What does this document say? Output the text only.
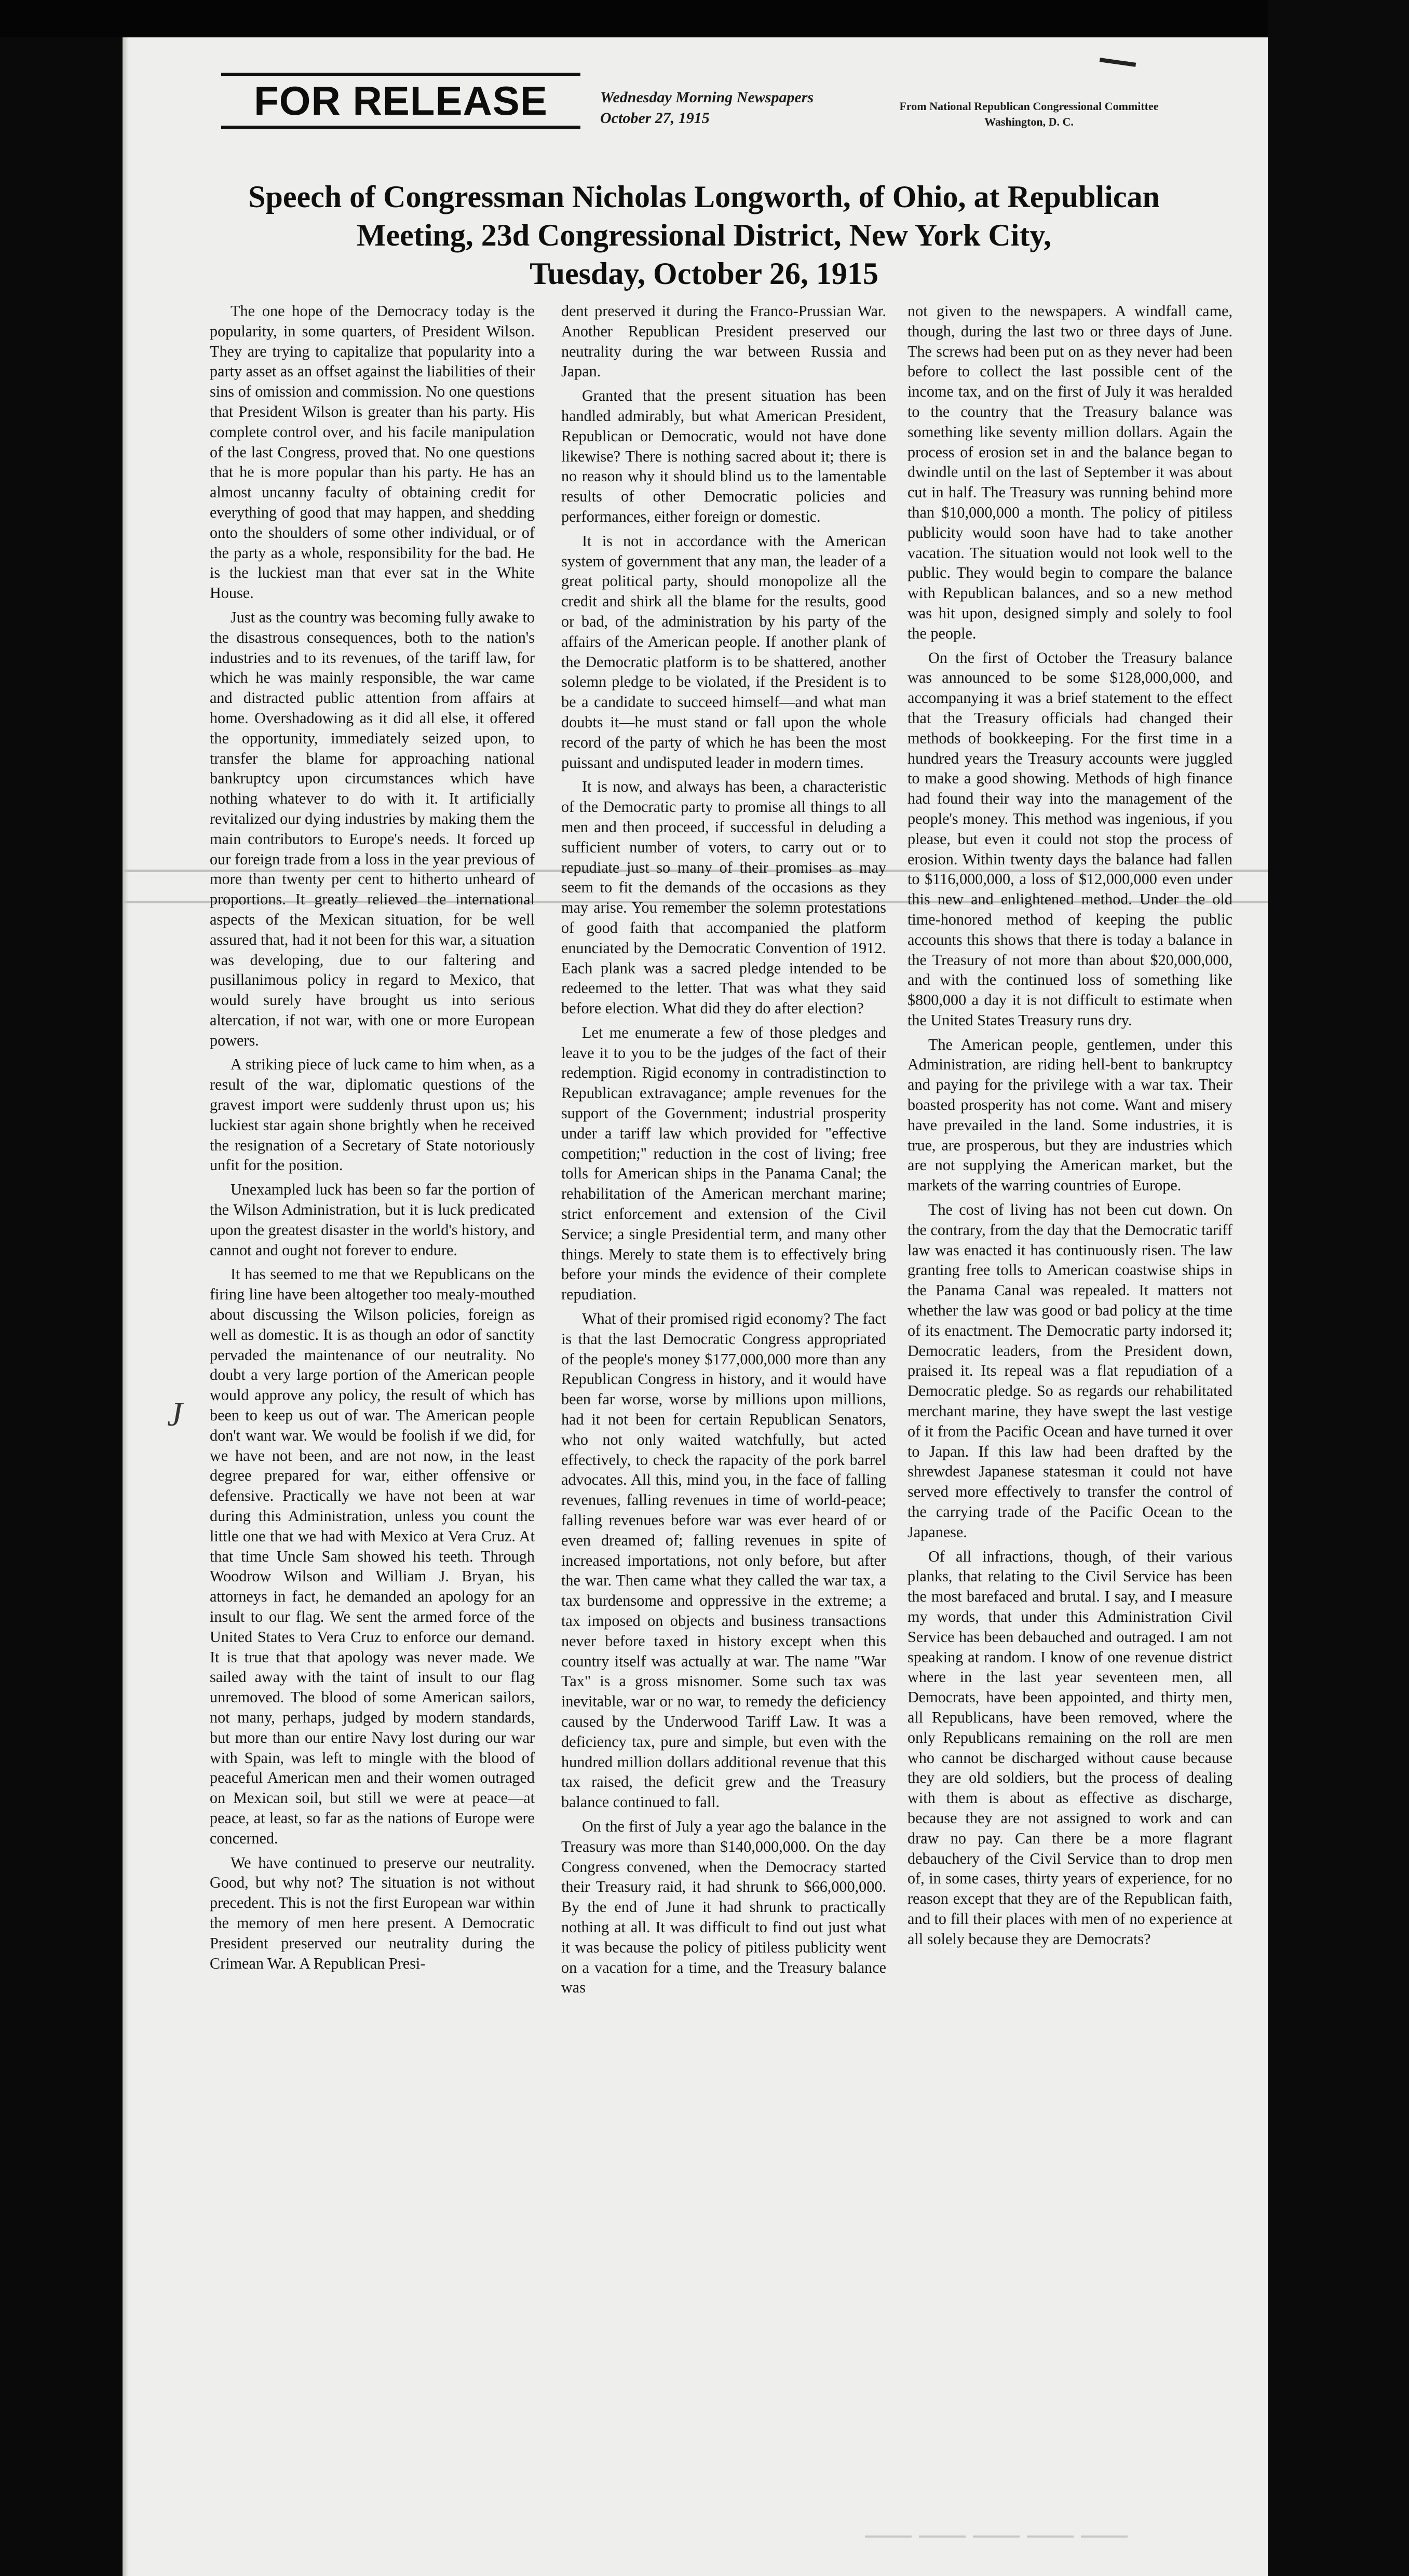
FOR RELEASE	Wednesday Morning Newspapers
October 27, 1915
From National Republican Congressional Committee
Washington, D. C.
Speech of Congressman Nicholas Longworth, of Ohio, at Republican
Meeting, 23d Congressional District, New York City,
Tuesday, October 26, 1915
J

The one hope of the Democracy today is the popularity, in some quarters, of President Wilson. They are trying to capitalize that popularity into a party asset as an offset against the liabilities of their sins of omission and commission. No one questions that President Wilson is greater than his party. His complete control over, and his facile manipulation of the last Congress, proved that. No one questions that he is more popular than his party. He has an almost uncanny faculty of obtaining credit for everything of good that may happen, and shedding onto the shoulders of some other individual, or of the party as a whole, responsibility for the bad. He is the luckiest man that ever sat in the White House.

Just as the country was becoming fully awake to the disastrous consequences, both to the nation's industries and to its revenues, of the tariff law, for which he was mainly responsible, the war came and distracted public attention from affairs at home. Overshadowing as it did all else, it offered the opportunity, immediately seized upon, to transfer the blame for approaching national bankruptcy upon circumstances which have nothing whatever to do with it. It artificially revitalized our dying industries by making them the main contributors to Europe's needs. It forced up our foreign trade from a loss in the year previous of more than twenty per cent to hitherto unheard of proportions. It greatly relieved the international aspects of the Mexican situation, for be well assured that, had it not been for this war, a situation was developing, due to our faltering and pusillanimous policy in regard to Mexico, that would surely have brought us into serious altercation, if not war, with one or more European powers.

A striking piece of luck came to him when, as a result of the war, diplomatic questions of the gravest import were suddenly thrust upon us; his luckiest star again shone brightly when he received the resignation of a Secretary of State notoriously unfit for the position.

Unexampled luck has been so far the portion of the Wilson Administration, but it is luck predicated upon the greatest disaster in the world's history, and cannot and ought not forever to endure.

It has seemed to me that we Republicans on the firing line have been altogether too mealy-mouthed about discussing the Wilson policies, foreign as well as domestic. It is as though an odor of sanctity pervaded the maintenance of our neutrality. No doubt a very large portion of the American people would approve any policy, the result of which has been to keep us out of war. The American people don't want war. We would be foolish if we did, for we have not been, and are not now, in the least degree prepared for war, either offensive or defensive. Practically we have not been at war during this Administration, unless you count the little one that we had with Mexico at Vera Cruz. At that time Uncle Sam showed his teeth. Through Woodrow Wilson and William J. Bryan, his attorneys in fact, he demanded an apology for an insult to our flag. We sent the armed force of the United States to Vera Cruz to enforce our demand. It is true that that apology was never made. We sailed away with the taint of insult to our flag unremoved. The blood of some American sailors, not many, perhaps, judged by modern standards, but more than our entire Navy lost during our war with Spain, was left to mingle with the blood of peaceful American men and their women outraged on Mexican soil, but still we were at peace—at peace, at least, so far as the nations of Europe were concerned.

We have continued to preserve our neutrality. Good, but why not? The situation is not without precedent. This is not the first European war within the memory of men here present. A Democratic President preserved our neutrality during the Crimean War. A Republican Presi-

dent preserved it during the Franco-Prussian War. Another Republican President preserved our neutrality during the war between Russia and Japan.

Granted that the present situation has been handled admirably, but what American President, Republican or Democratic, would not have done likewise? There is nothing sacred about it; there is no reason why it should blind us to the lamentable results of other Democratic policies and performances, either foreign or domestic.

It is not in accordance with the American system of government that any man, the leader of a great political party, should monopolize all the credit and shirk all the blame for the results, good or bad, of the administration by his party of the affairs of the American people. If another plank of the Democratic platform is to be shattered, another solemn pledge to be violated, if the President is to be a candidate to succeed himself—and what man doubts it—he must stand or fall upon the whole record of the party of which he has been the most puissant and undisputed leader in modern times.

It is now, and always has been, a characteristic of the Democratic party to promise all things to all men and then proceed, if successful in deluding a sufficient number of voters, to carry out or to repudiate just so many of their promises as may seem to fit the demands of the occasions as they may arise. You remember the solemn protestations of good faith that accompanied the platform enunciated by the Democratic Convention of 1912. Each plank was a sacred pledge intended to be redeemed to the letter. That was what they said before election. What did they do after election?

Let me enumerate a few of those pledges and leave it to you to be the judges of the fact of their redemption. Rigid economy in contradistinction to Republican extravagance; ample revenues for the support of the Government; industrial prosperity under a tariff law which provided for "effective competition;" reduction in the cost of living; free tolls for American ships in the Panama Canal; the rehabilitation of the American merchant marine; strict enforcement and extension of the Civil Service; a single Presidential term, and many other things. Merely to state them is to effectively bring before your minds the evidence of their complete repudiation.

What of their promised rigid economy? The fact is that the last Democratic Congress appropriated of the people's money $177,000,000 more than any Republican Congress in history, and it would have been far worse, worse by millions upon millions, had it not been for certain Republican Senators, who not only waited watchfully, but acted effectively, to check the rapacity of the pork barrel advocates. All this, mind you, in the face of falling revenues, falling revenues in time of world-peace; falling revenues before war was ever heard of or even dreamed of; falling revenues in spite of increased importations, not only before, but after the war. Then came what they called the war tax, a tax burdensome and oppressive in the extreme; a tax imposed on objects and business transactions never before taxed in history except when this country itself was actually at war. The name "War Tax" is a gross misnomer. Some such tax was inevitable, war or no war, to remedy the deficiency caused by the Underwood Tariff Law. It was a deficiency tax, pure and simple, but even with the hundred million dollars additional revenue that this tax raised, the deficit grew and the Treasury balance continued to fall.

On the first of July a year ago the balance in the Treasury was more than $140,000,000. On the day Congress convened, when the Democracy started their Treasury raid, it had shrunk to $66,000,000. By the end of June it had shrunk to practically nothing at all. It was difficult to find out just what it was because the policy of pitiless publicity went on a vacation for a time, and the Treasury balance was

not given to the newspapers. A windfall came, though, during the last two or three days of June. The screws had been put on as they never had been before to collect the last possible cent of the income tax, and on the first of July it was heralded to the country that the Treasury balance was something like seventy million dollars. Again the process of erosion set in and the balance began to dwindle until on the last of September it was about cut in half. The Treasury was running behind more than $10,000,000 a month. The policy of pitiless publicity would soon have had to take another vacation. The situation would not look well to the public. They would begin to compare the balance with Republican balances, and so a new method was hit upon, designed simply and solely to fool the people.

On the first of October the Treasury balance was announced to be some $128,000,000, and accompanying it was a brief statement to the effect that the Treasury officials had changed their methods of bookkeeping. For the first time in a hundred years the Treasury accounts were juggled to make a good showing. Methods of high finance had found their way into the management of the people's money. This method was ingenious, if you please, but even it could not stop the process of erosion. Within twenty days the balance had fallen to $116,000,000, a loss of $12,000,000 even under this new and enlightened method. Under the old time-honored method of keeping the public accounts this shows that there is today a balance in the Treasury of not more than about $20,000,000, and with the continued loss of something like $800,000 a day it is not difficult to estimate when the United States Treasury runs dry.

The American people, gentlemen, under this Administration, are riding hell-bent to bankruptcy and paying for the privilege with a war tax. Their boasted prosperity has not come. Want and misery have prevailed in the land. Some industries, it is true, are prosperous, but they are industries which are not supplying the American market, but the markets of the warring countries of Europe.

The cost of living has not been cut down. On the contrary, from the day that the Democratic tariff law was enacted it has continuously risen. The law granting free tolls to American coastwise ships in the Panama Canal was repealed. It matters not whether the law was good or bad policy at the time of its enactment. The Democratic party indorsed it; Democratic leaders, from the President down, praised it. Its repeal was a flat repudiation of a Democratic pledge. So as regards our rehabilitated merchant marine, they have swept the last vestige of it from the Pacific Ocean and have turned it over to Japan. If this law had been drafted by the shrewdest Japanese statesman it could not have served more effectively to transfer the control of the carrying trade of the Pacific Ocean to the Japanese.

Of all infractions, though, of their various planks, that relating to the Civil Service has been the most barefaced and brutal. I say, and I measure my words, that under this Administration Civil Service has been debauched and outraged. I am not speaking at random. I know of one revenue district where in the last year seventeen men, all Democrats, have been appointed, and thirty men, all Republicans, have been removed, where the only Republicans remaining on the roll are men who cannot be discharged without cause because they are old soldiers, but the process of dealing with them is about as effective as discharge, because they are not assigned to work and can draw no pay. Can there be a more flagrant debauchery of the Civil Service than to drop men of, in some cases, thirty years of experience, for no reason except that they are of the Republican faith, and to fill their places with men of no experience at all solely because they are Democrats?
